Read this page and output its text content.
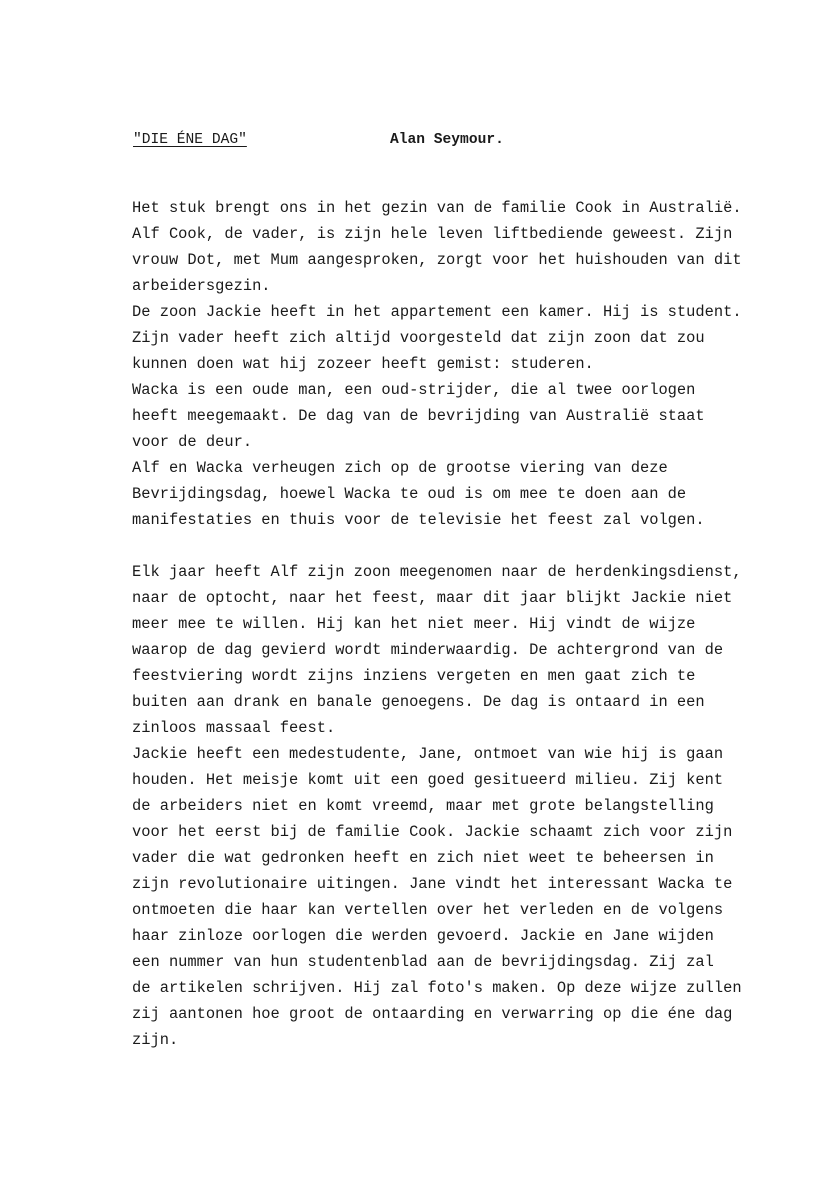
"DIE ÉNE DAG"	Alan Seymour.
Het stuk brengt ons in het gezin van de familie Cook in Australië.
Alf Cook, de vader, is zijn hele leven liftbediende geweest. Zijn
vrouw Dot, met Mum aangesproken, zorgt voor het huishouden van dit
arbeidersgezin.
De zoon Jackie heeft in het appartement een kamer. Hij is student.
Zijn vader heeft zich altijd voorgesteld dat zijn zoon dat zou
kunnen doen wat hij zozeer heeft gemist: studeren.
Wacka is een oude man, een oud-strijder, die al twee oorlogen
heeft meegemaakt. De dag van de bevrijding van Australië staat
voor de deur.
Alf en Wacka verheugen zich op de grootse viering van deze
Bevrijdingsdag, hoewel Wacka te oud is om mee te doen aan de
manifestaties en thuis voor de televisie het feest zal volgen.
Elk jaar heeft Alf zijn zoon meegenomen naar de herdenkingsdienst,
naar de optocht, naar het feest, maar dit jaar blijkt Jackie niet
meer mee te willen. Hij kan het niet meer. Hij vindt de wijze
waarop de dag gevierd wordt minderwaardig. De achtergrond van de
feestviering wordt zijns inziens vergeten en men gaat zich te
buiten aan drank en banale genoegens. De dag is ontaard in een
zinloos massaal feest.
Jackie heeft een medestudente, Jane, ontmoet van wie hij is gaan
houden. Het meisje komt uit een goed gesitueerd milieu. Zij kent
de arbeiders niet en komt vreemd, maar met grote belangstelling
voor het eerst bij de familie Cook. Jackie schaamt zich voor zijn
vader die wat gedronken heeft en zich niet weet te beheersen in
zijn revolutionaire uitingen. Jane vindt het interessant Wacka te
ontmoeten die haar kan vertellen over het verleden en de volgens
haar zinloze oorlogen die werden gevoerd. Jackie en Jane wijden
een nummer van hun studentenblad aan de bevrijdingsdag. Zij zal
de artikelen schrijven. Hij zal foto's maken. Op deze wijze zullen
zij aantonen hoe groot de ontaarding en verwarring op die éne dag
zijn.
